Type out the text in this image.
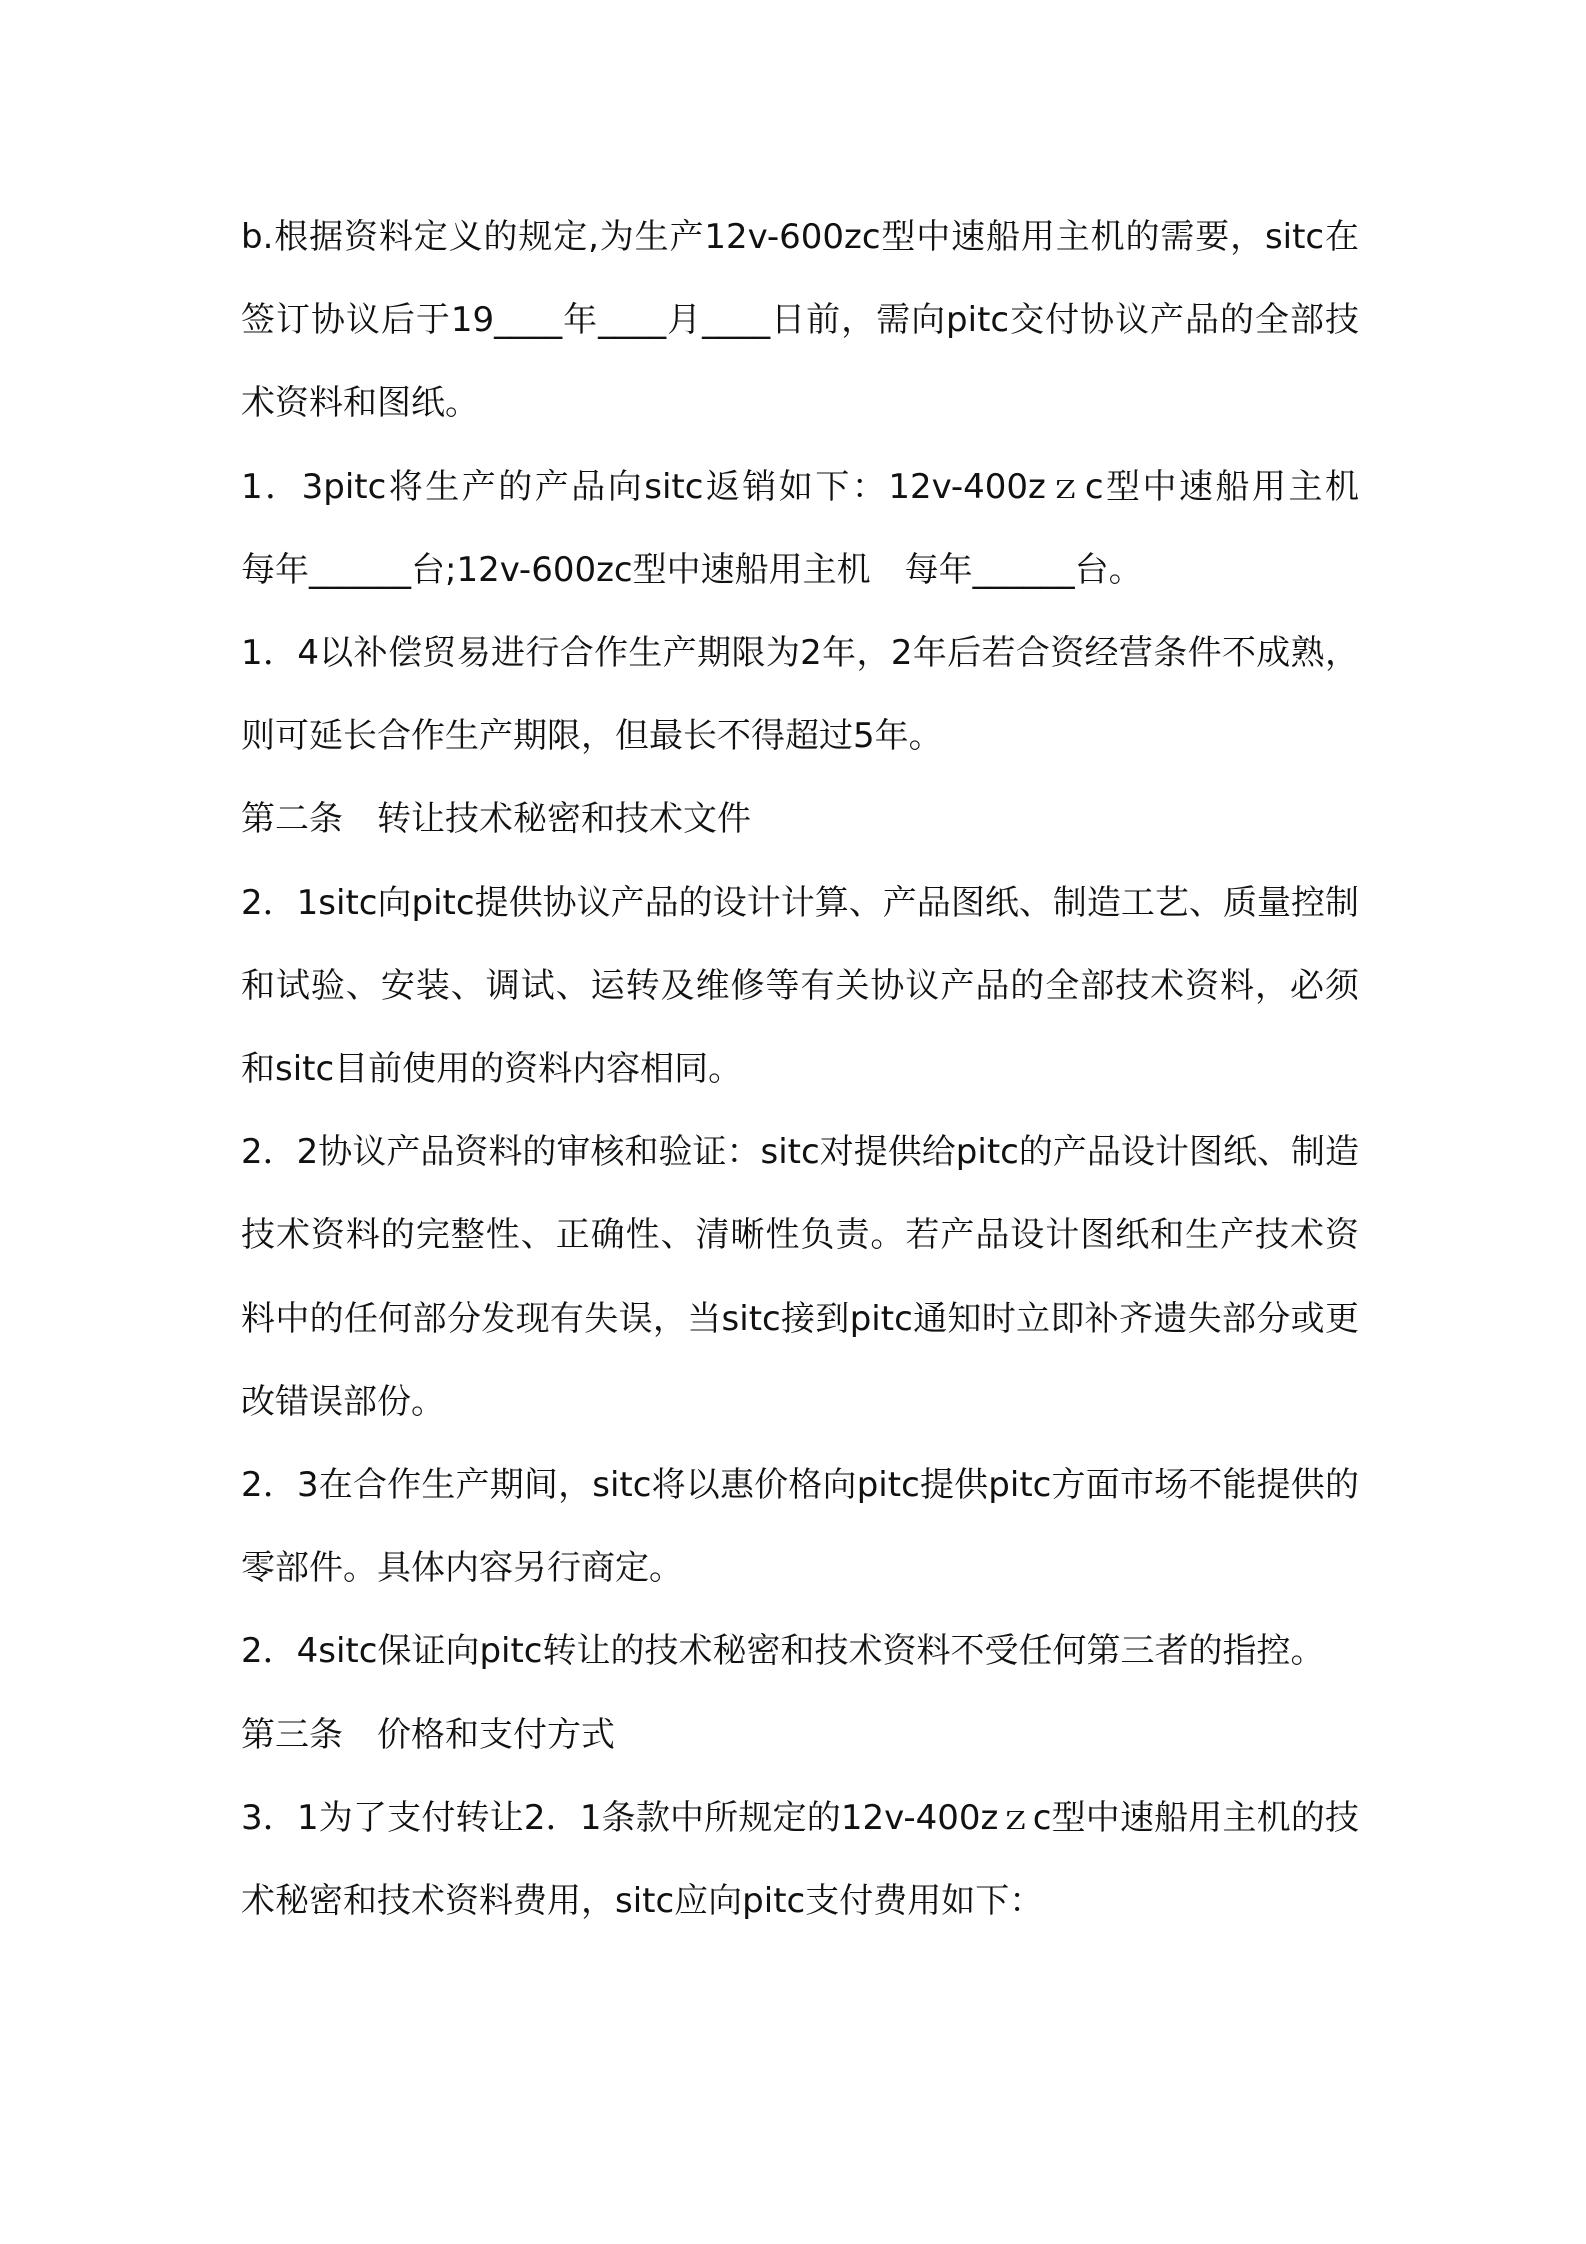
b.根据资料定义的规定,为生产12v-600zc型中速船用主机的需要，sitc在签订协议后于19____年____月____日前，需向pitc交付协议产品的全部技术资料和图纸。

1．3pitc将生产的产品向sitc返销如下：12v-400zｚc型中速船用主机　每年______台;12v-600zc型中速船用主机　每年______台。

1．4以补偿贸易进行合作生产期限为2年，2年后若合资经营条件不成熟，则可延长合作生产期限，但最长不得超过5年。

第二条　转让技术秘密和技术文件

2．1sitc向pitc提供协议产品的设计计算、产品图纸、制造工艺、质量控制和试验、安装、调试、运转及维修等有关协议产品的全部技术资料，必须和sitc目前使用的资料内容相同。

2．2协议产品资料的审核和验证：sitc对提供给pitc的产品设计图纸、制造技术资料的完整性、正确性、清晰性负责。若产品设计图纸和生产技术资料中的任何部分发现有失误，当sitc接到pitc通知时立即补齐遗失部分或更改错误部份。

2．3在合作生产期间，sitc将以惠价格向pitc提供pitc方面市场不能提供的零部件。具体内容另行商定。

2．4sitc保证向pitc转让的技术秘密和技术资料不受任何第三者的指控。

第三条　价格和支付方式

3．1为了支付转让2．1条款中所规定的12v-400zｚc型中速船用主机的技术秘密和技术资料费用，sitc应向pitc支付费用如下：
